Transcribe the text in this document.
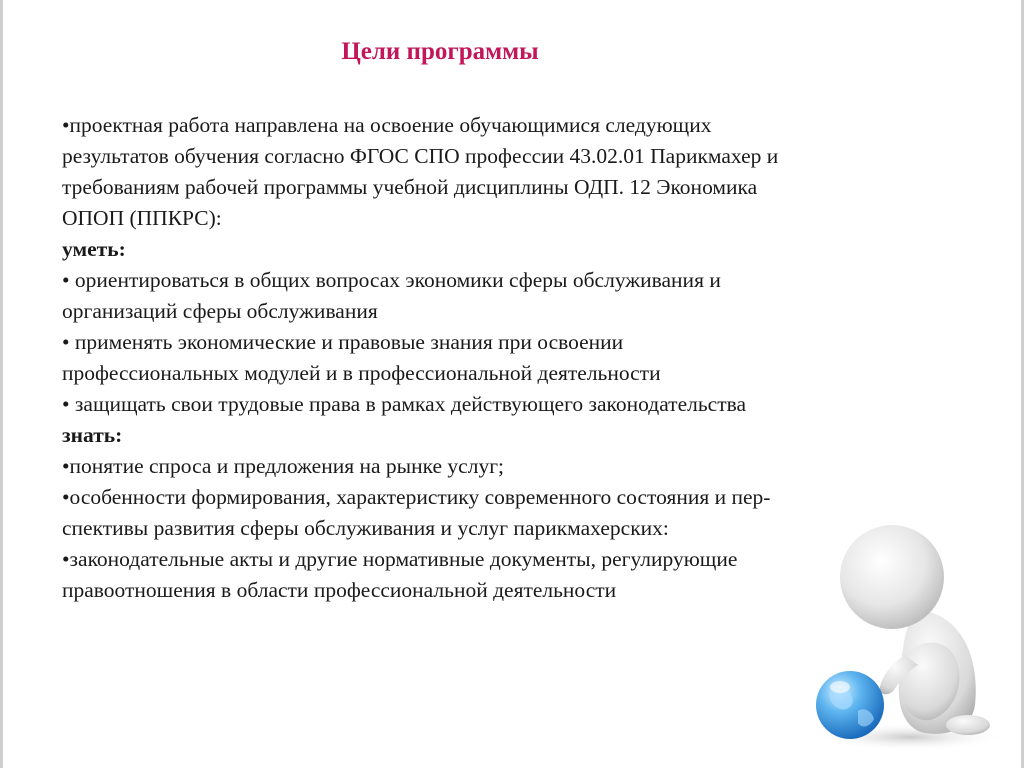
Цели программы

•проектная работа направлена на освоение обучающимися следующих результатов обучения согласно ФГОС СПО профессии 43.02.01 Парикмахер и требованиям рабочей программы учебной дисциплины ОДП. 12 Экономика ОПОП (ППКРС):

уметь:

• ориентироваться в общих вопросах экономики сферы обслуживания и организаций сферы обслуживания

• применять экономические и правовые знания при освоении профессиональных модулей и в профессиональной деятельности

• защищать свои трудовые права в рамках действующего законодательства

знать:

•понятие спроса и предложения на рынке услуг;

•особенности формирования, характеристику современного состояния и пер-спективы развития сферы обслуживания и услуг парикмахерских:

•законодательные акты и другие нормативные документы, регулирующие правоотношения в области профессиональной деятельности
